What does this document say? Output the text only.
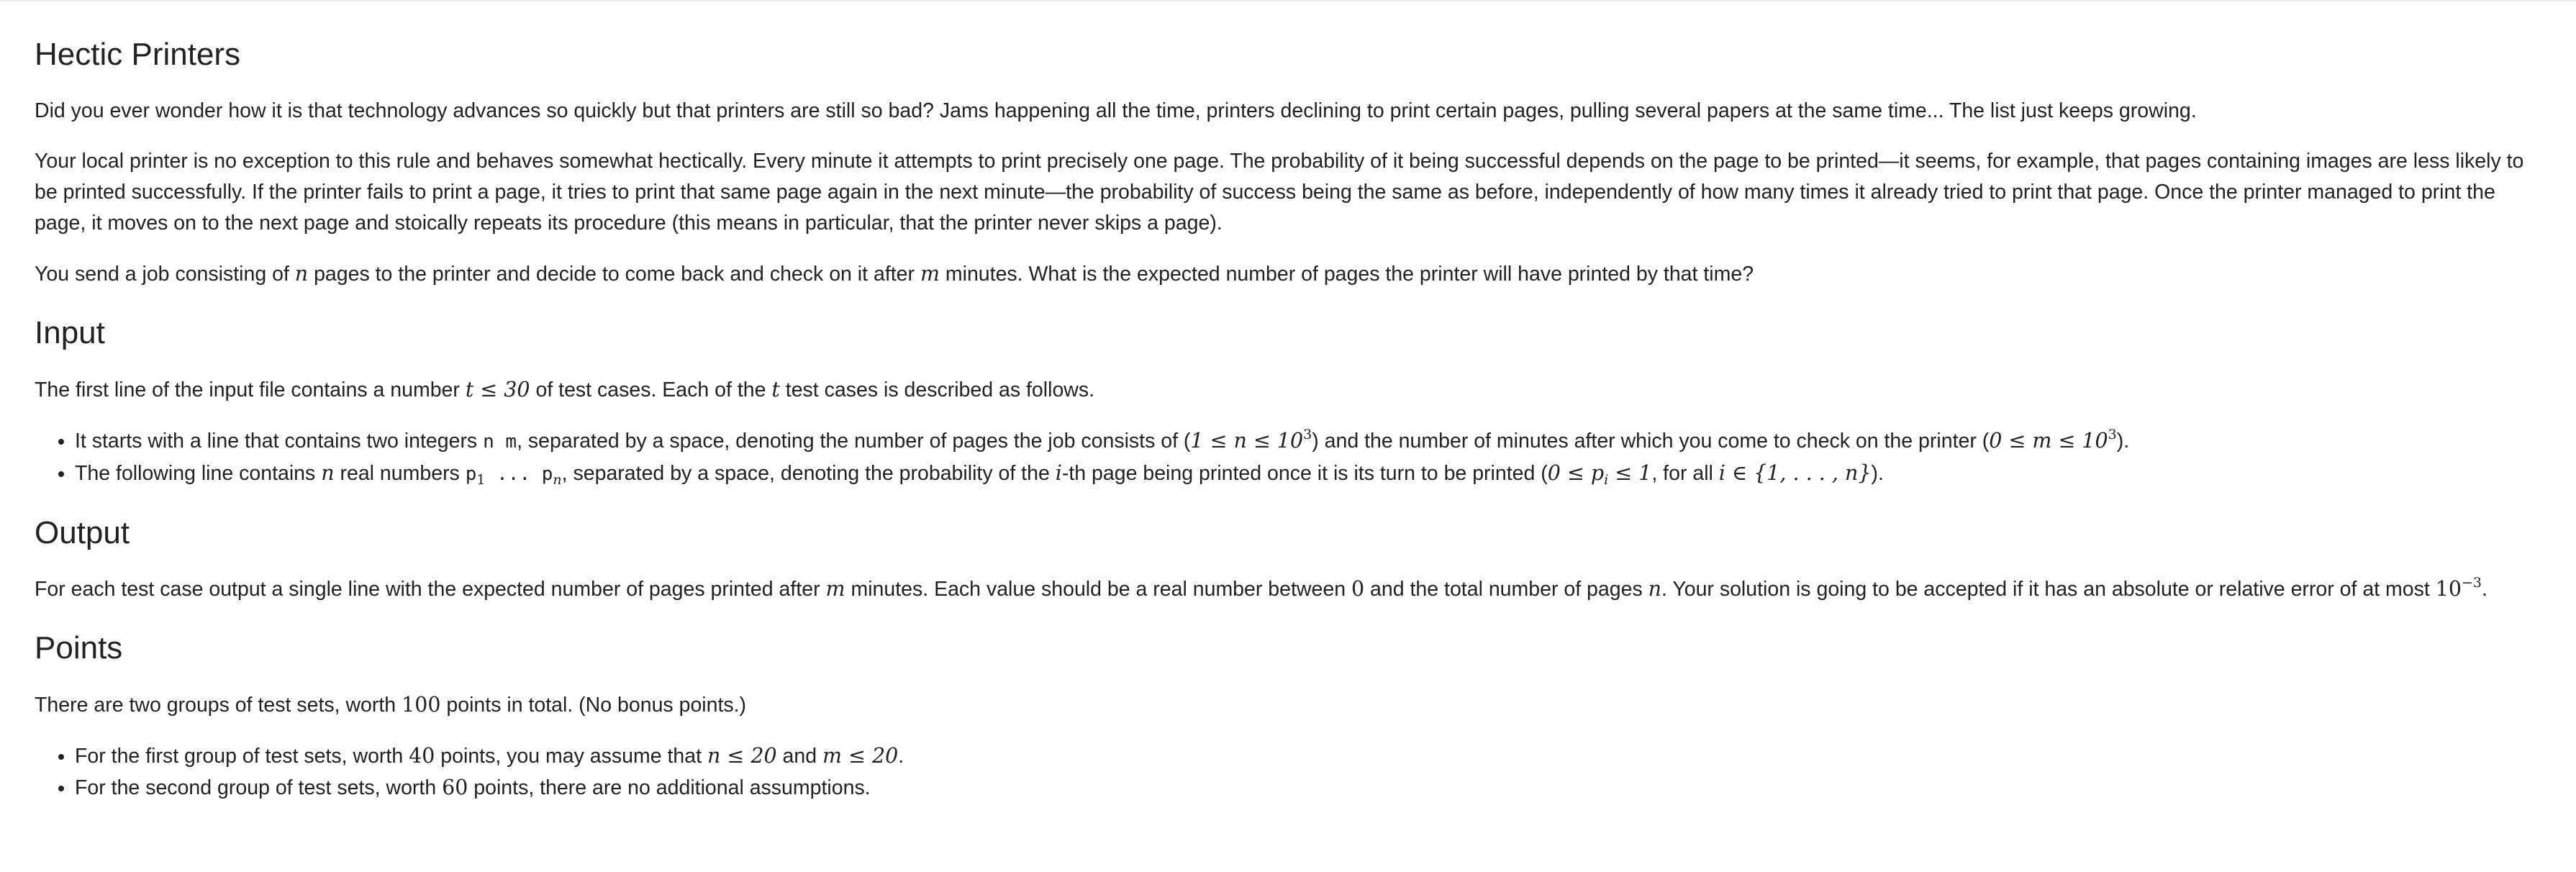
Hectic Printers

Did you ever wonder how it is that technology advances so quickly but that printers are still so bad? Jams happening all the time, printers declining to print certain pages, pulling several papers at the same time... The list just keeps growing.

Your local printer is no exception to this rule and behaves somewhat hectically. Every minute it attempts to print precisely one page. The probability of it being successful depends on the page to be printed—it seems, for example, that pages containing images are less likely to be printed successfully. If the printer fails to print a page, it tries to print that same page again in the next minute—the probability of success being the same as before, independently of how many times it already tried to print that page. Once the printer managed to print the page, it moves on to the next page and stoically repeats its procedure (this means in particular, that the printer never skips a page).

You send a job consisting of n pages to the printer and decide to come back and check on it after m minutes. What is the expected number of pages the printer will have printed by that time?

Input

The first line of the input file contains a number t ≤ 30 of test cases. Each of the t test cases is described as follows.

• It starts with a line that contains two integers n m, separated by a space, denoting the number of pages the job consists of $(1 \le n \le 10^3)$ and the number of minutes after which you come to check on the printer $(0 \le m \le 10^3)$.
• The following line contains n real numbers $p_1$ ... $p_n$, separated by a space, denoting the probability of the i-th page being printed once it is its turn to be printed ($0 \le p_i \le 1$, for all i ∈ {1, . . . , n}).
Output

For each test case output a single line with the expected number of pages printed after m minutes. Each value should be a real number between 0 and the total number of pages n. Your solution is going to be accepted if it has an absolute or relative error of at most $10^{-3}$.

Points

There are two groups of test sets, worth 100 points in total. (No bonus points.)

• For the first group of test sets, worth 40 points, you may assume that n ≤ 20 and m ≤ 20.
• For the second group of test sets, worth 60 points, there are no additional assumptions.
